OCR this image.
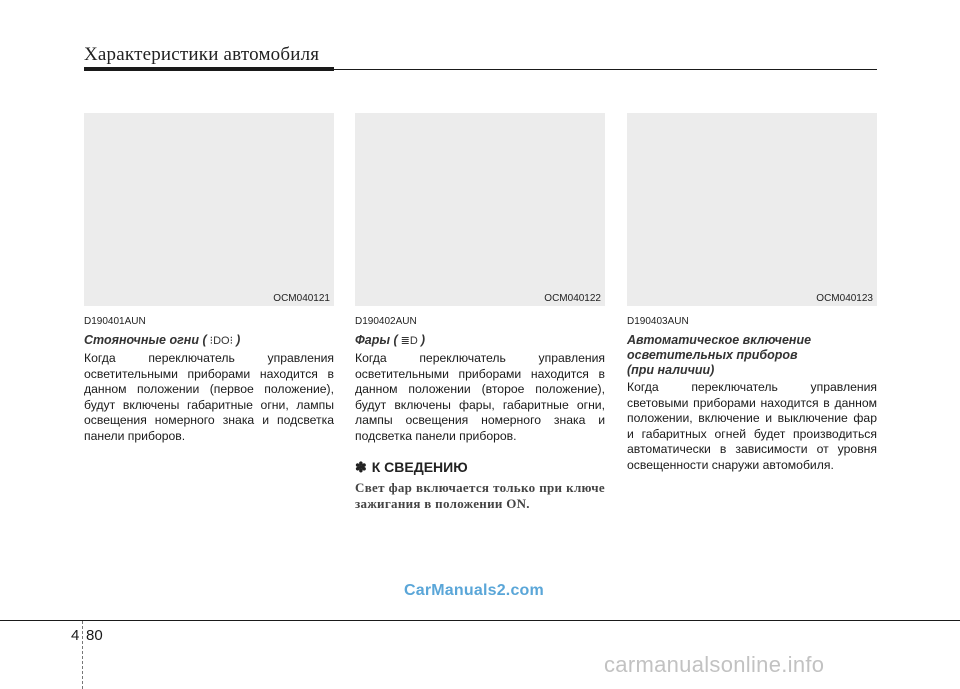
Характеристики автомобиля
OCM040121
D190401AUN
Стояночные огни ( ⁝DO⁝ )
Когда переключатель управления осветительными приборами находится в данном положении (первое положение), будут включены габаритные огни, лампы освещения номерного знака и подсветка панели приборов.
OCM040122
D190402AUN
Фары ( ≣D )
Когда переключатель управления осветительными приборами находится в данном положении (второе положение), будут включены фары, габаритные огни, лампы освещения номерного знака и подсветка панели приборов.
✽ К СВЕДЕНИЮ
Свет фар включается только при ключе зажигания в положении ON.
OCM040123
D190403AUN
Автоматическое включение
осветительных приборов
(при наличии)
Когда переключатель управления световыми приборами находится в данном положении, включение и выключение фар и габаритных огней будет производиться автоматически в зависимости от уровня освещенности снаружи автомобиля.
CarManuals2.com
4 80
carmanualsonline.info
